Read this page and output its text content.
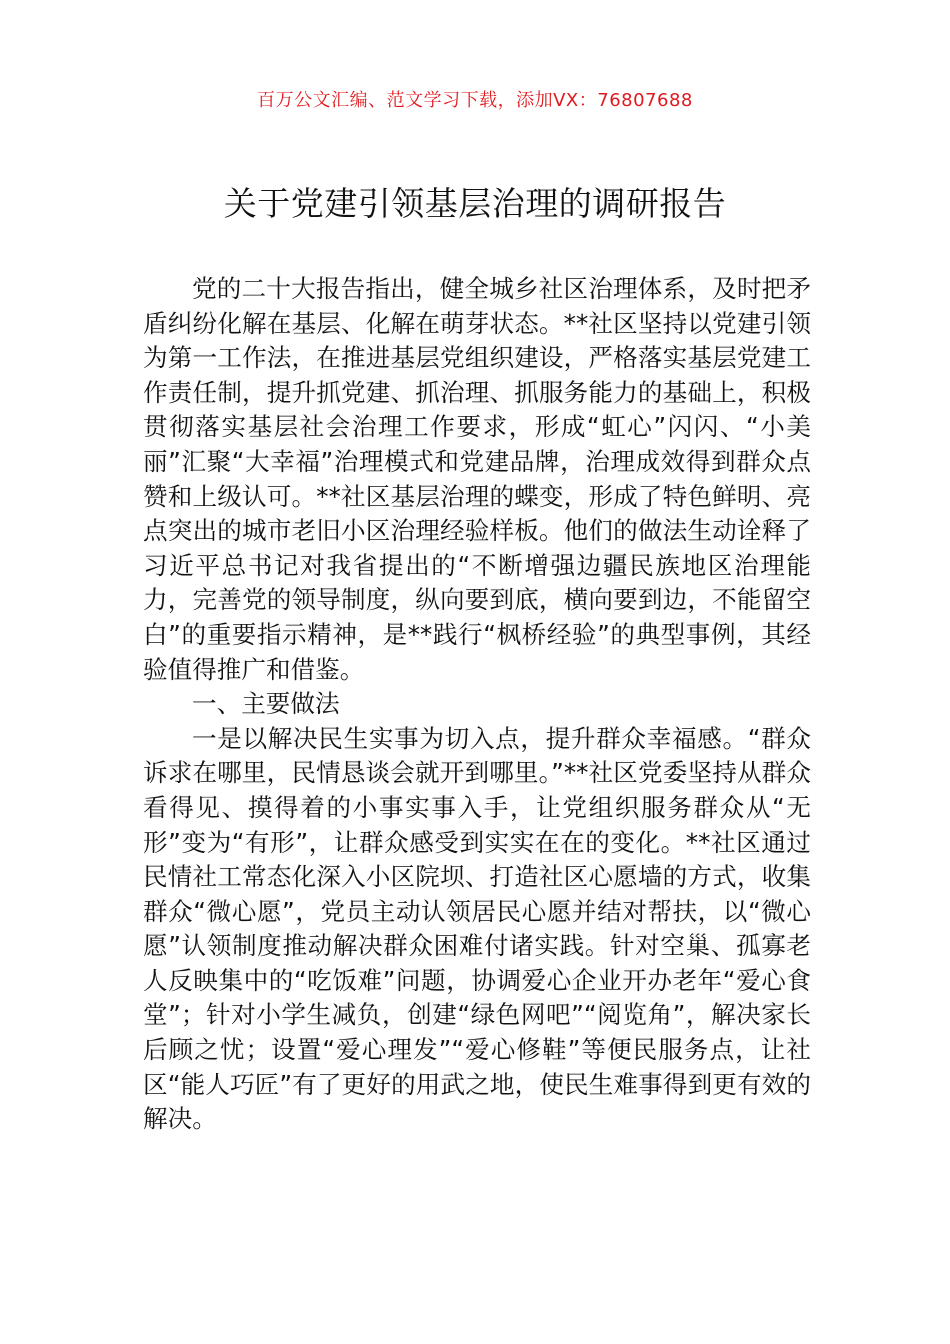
百万公文汇编、范文学习下载，添加VX：76807688
关于党建引领基层治理的调研报告

党的二十大报告指出，健全城乡社区治理体系，及时把矛盾纠纷化解在基层、化解在萌芽状态。**社区坚持以党建引领为第一工作法，在推进基层党组织建设，严格落实基层党建工作责任制，提升抓党建、抓治理、抓服务能力的基础上，积极贯彻落实基层社会治理工作要求，形成“虹心”闪闪、“小美丽”汇聚“大幸福”治理模式和党建品牌，治理成效得到群众点赞和上级认可。**社区基层治理的蝶变，形成了特色鲜明、亮点突出的城市老旧小区治理经验样板。他们的做法生动诠释了习近平总书记对我省提出的“不断增强边疆民族地区治理能力，完善党的领导制度，纵向要到底，横向要到边，不能留空白”的重要指示精神，是**践行“枫桥经验”的典型事例，其经验值得推广和借鉴。

一、主要做法

一是以解决民生实事为切入点，提升群众幸福感。“群众诉求在哪里，民情恳谈会就开到哪里。”**社区党委坚持从群众看得见、摸得着的小事实事入手，让党组织服务群众从“无形”变为“有形”，让群众感受到实实在在的变化。**社区通过民情社工常态化深入小区院坝、打造社区心愿墙的方式，收集群众“微心愿”，党员主动认领居民心愿并结对帮扶，以“微心愿”认领制度推动解决群众困难付诸实践。针对空巢、孤寡老人反映集中的“吃饭难”问题，协调爱心企业开办老年“爱心食堂”；针对小学生减负，创建“绿色网吧”“阅览角”，解决家长后顾之忧；设置“爱心理发”“爱心修鞋”等便民服务点，让社区“能人巧匠”有了更好的用武之地，使民生难事得到更有效的解决。
